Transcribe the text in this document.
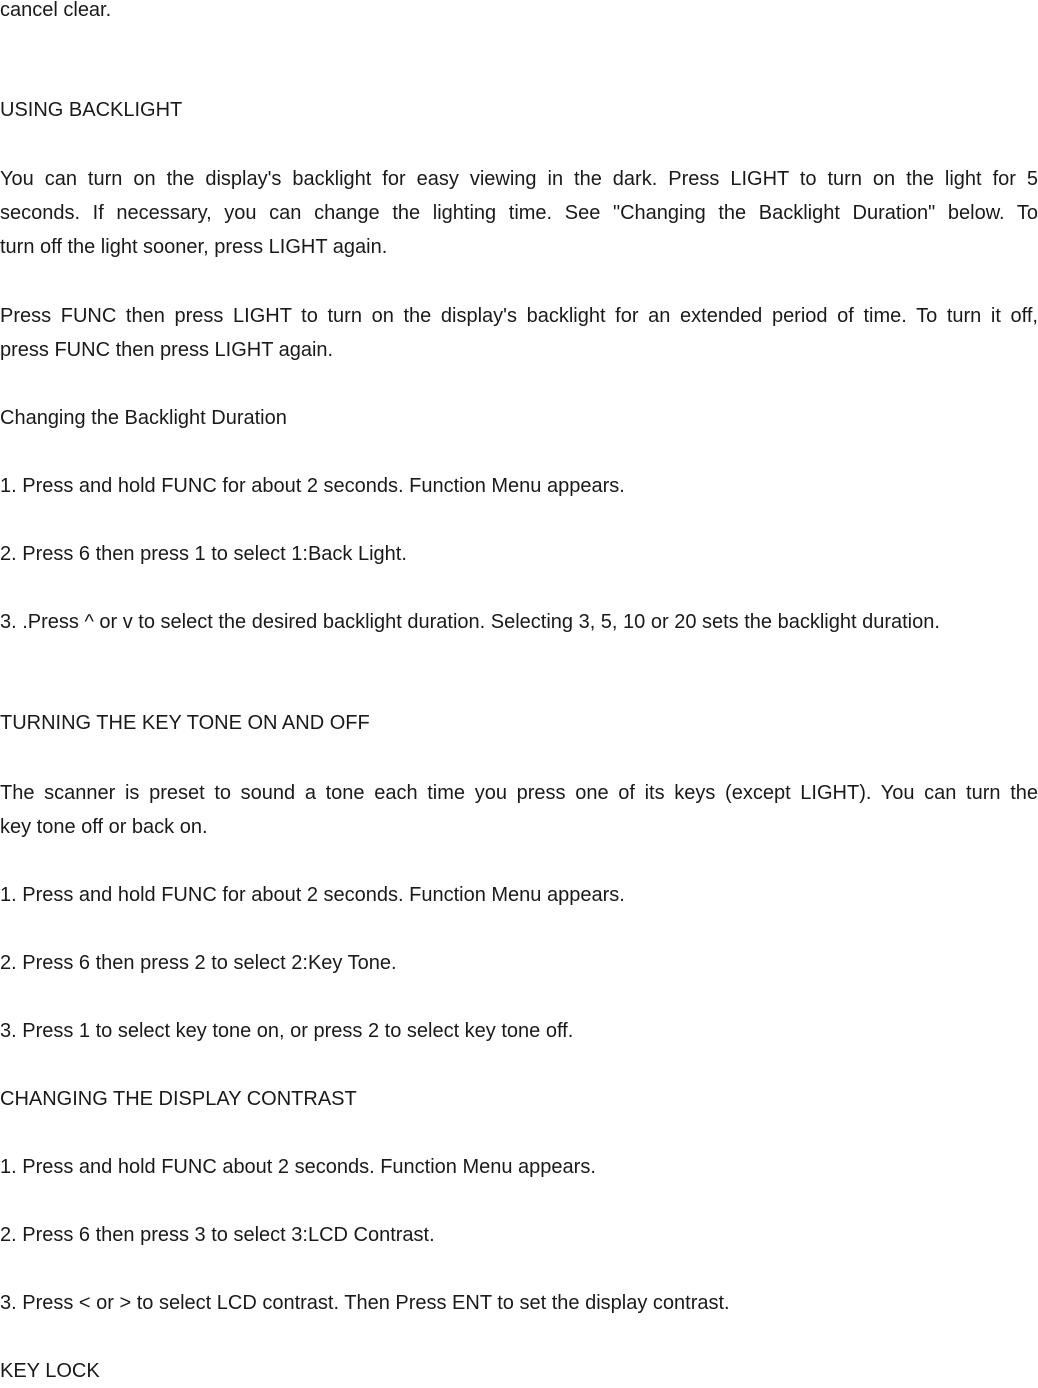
cancel clear.

USING BACKLIGHT

You can turn on the display's backlight for easy viewing in the dark. Press LIGHT to turn on the light for 5
seconds. If necessary, you can change the lighting time. See "Changing the Backlight Duration" below. To
turn off the light sooner, press LIGHT again.
Press FUNC then press LIGHT to turn on the display's backlight for an extended period of time. To turn it off,
press FUNC then press LIGHT again.

Changing the Backlight Duration

1. Press and hold FUNC for about 2 seconds. Function Menu appears.

2. Press 6 then press 1 to select 1:Back Light.

3. .Press ^ or v to select the desired backlight duration. Selecting 3, 5, 10 or 20 sets the backlight duration.

TURNING THE KEY TONE ON AND OFF

The scanner is preset to sound a tone each time you press one of its keys (except LIGHT). You can turn the
key tone off or back on.

1. Press and hold FUNC for about 2 seconds. Function Menu appears.

2. Press 6 then press 2 to select 2:Key Tone.

3. Press 1 to select key tone on, or press 2 to select key tone off.

CHANGING THE DISPLAY CONTRAST

1. Press and hold FUNC about 2 seconds. Function Menu appears.

2. Press 6 then press 3 to select 3:LCD Contrast.

3. Press < or > to select LCD contrast. Then Press ENT to set the display contrast.

KEY LOCK
